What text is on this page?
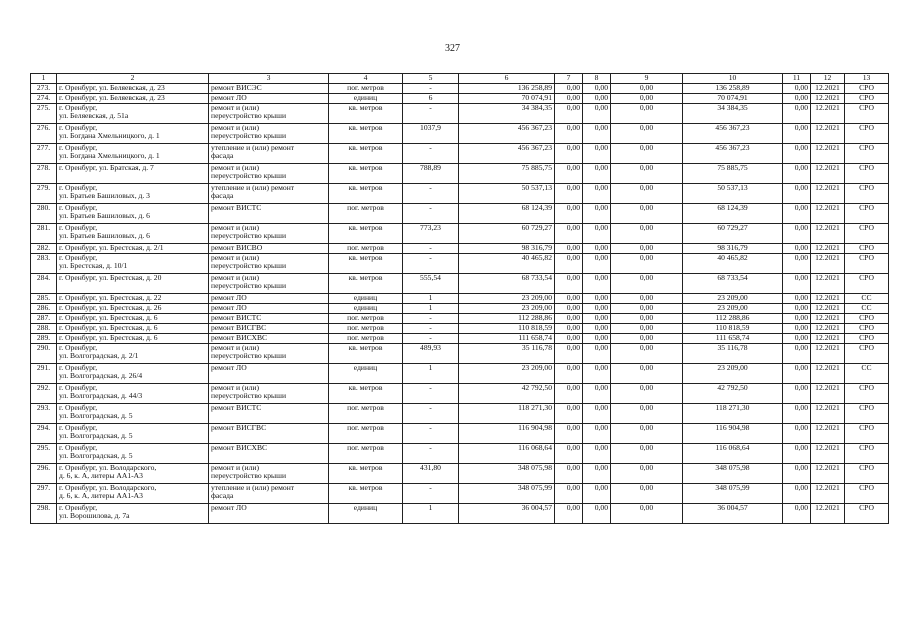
327
1	2	3	4	5	6	7	8	9	10	11	12	13
273.	г. Оренбург, ул. Беляевская, д. 23	ремонт ВИСЭС	пог. метров	-	136 258,89	0,00	0,00	0,00	136 258,89	0,00	12.2021	СРО
274.	г. Оренбург, ул. Беляевская, д. 23	ремонт ЛО	единиц	6	70 074,91	0,00	0,00	0,00	70 074,91	0,00	12.2021	СРО
275.	г. Оренбург,
ул. Беляевская, д. 51а	ремонт и (или)
переустройство крыши	кв. метров	-	34 384,35	0,00	0,00	0,00	34 384,35	0,00	12.2021	СРО
276.	г. Оренбург,
ул. Богдана Хмельницкого, д. 1	ремонт и (или)
переустройство крыши	кв. метров	1037,9	456 367,23	0,00	0,00	0,00	456 367,23	0,00	12.2021	СРО
277.	г. Оренбург,
ул. Богдана Хмельницкого, д. 1	утепление и (или) ремонт
фасада	кв. метров	-	456 367,23	0,00	0,00	0,00	456 367,23	0,00	12.2021	СРО
278.	г. Оренбург, ул. Братская, д. 7	ремонт и (или)
переустройство крыши	кв. метров	788,89	75 885,75	0,00	0,00	0,00	75 885,75	0,00	12.2021	СРО
279.	г. Оренбург,
ул. Братьев Башиловых, д. 3	утепление и (или) ремонт
фасада	кв. метров	-	50 537,13	0,00	0,00	0,00	50 537,13	0,00	12.2021	СРО
280.	г. Оренбург,
ул. Братьев Башиловых, д. 6	ремонт ВИСТС	пог. метров	-	68 124,39	0,00	0,00	0,00	68 124,39	0,00	12.2021	СРО
281.	г. Оренбург,
ул. Братьев Башиловых, д. 6	ремонт и (или)
переустройство крыши	кв. метров	773,23	60 729,27	0,00	0,00	0,00	60 729,27	0,00	12.2021	СРО
282.	г. Оренбург, ул. Брестская, д. 2/1	ремонт ВИСВО	пог. метров	-	98 316,79	0,00	0,00	0,00	98 316,79	0,00	12.2021	СРО
283.	г. Оренбург,
ул. Брестская, д. 10/1	ремонт и (или)
переустройство крыши	кв. метров	-	40 465,82	0,00	0,00	0,00	40 465,82	0,00	12.2021	СРО
284.	г. Оренбург, ул. Брестская, д. 20	ремонт и (или)
переустройство крыши	кв. метров	555,54	68 733,54	0,00	0,00	0,00	68 733,54	0,00	12.2021	СРО
285.	г. Оренбург, ул. Брестская, д. 22	ремонт ЛО	единиц	1	23 209,00	0,00	0,00	0,00	23 209,00	0,00	12.2021	СС
286.	г. Оренбург, ул. Брестская, д. 26	ремонт ЛО	единиц	1	23 209,00	0,00	0,00	0,00	23 209,00	0,00	12.2021	СС
287.	г. Оренбург, ул. Брестская, д. 6	ремонт ВИСТС	пог. метров	-	112 288,86	0,00	0,00	0,00	112 288,86	0,00	12.2021	СРО
288.	г. Оренбург, ул. Брестская, д. 6	ремонт ВИСГВС	пог. метров	-	110 818,59	0,00	0,00	0,00	110 818,59	0,00	12.2021	СРО
289.	г. Оренбург, ул. Брестская, д. 6	ремонт ВИСХВС	пог. метров	-	111 658,74	0,00	0,00	0,00	111 658,74	0,00	12.2021	СРО
290.	г. Оренбург,
ул. Волгоградская, д. 2/1	ремонт и (или)
переустройство крыши	кв. метров	489,93	35 116,78	0,00	0,00	0,00	35 116,78	0,00	12.2021	СРО
291.	г. Оренбург,
ул. Волгоградская, д. 26/4	ремонт ЛО	единиц	1	23 209,00	0,00	0,00	0,00	23 209,00	0,00	12.2021	СС
292.	г. Оренбург,
ул. Волгоградская, д. 44/3	ремонт и (или)
переустройство крыши	кв. метров	-	42 792,50	0,00	0,00	0,00	42 792,50	0,00	12.2021	СРО
293.	г. Оренбург,
ул. Волгоградская, д. 5	ремонт ВИСТС	пог. метров	-	118 271,30	0,00	0,00	0,00	118 271,30	0,00	12.2021	СРО
294.	г. Оренбург,
ул. Волгоградская, д. 5	ремонт ВИСГВС	пог. метров	-	116 904,98	0,00	0,00	0,00	116 904,98	0,00	12.2021	СРО
295.	г. Оренбург,
ул. Волгоградская, д. 5	ремонт ВИСХВС	пог. метров	-	116 068,64	0,00	0,00	0,00	116 068,64	0,00	12.2021	СРО
296.	г. Оренбург, ул. Володарского,
д. 6, к. А, литеры АА1-А3	ремонт и (или)
переустройство крыши	кв. метров	431,80	348 075,98	0,00	0,00	0,00	348 075,98	0,00	12.2021	СРО
297.	г. Оренбург, ул. Володарского,
д. 6, к. А, литеры АА1-А3	утепление и (или) ремонт
фасада	кв. метров	-	348 075,99	0,00	0,00	0,00	348 075,99	0,00	12.2021	СРО
298.	г. Оренбург,
ул. Ворошилова, д. 7а	ремонт ЛО	единиц	1	36 004,57	0,00	0,00	0,00	36 004,57	0,00	12.2021	СРО
